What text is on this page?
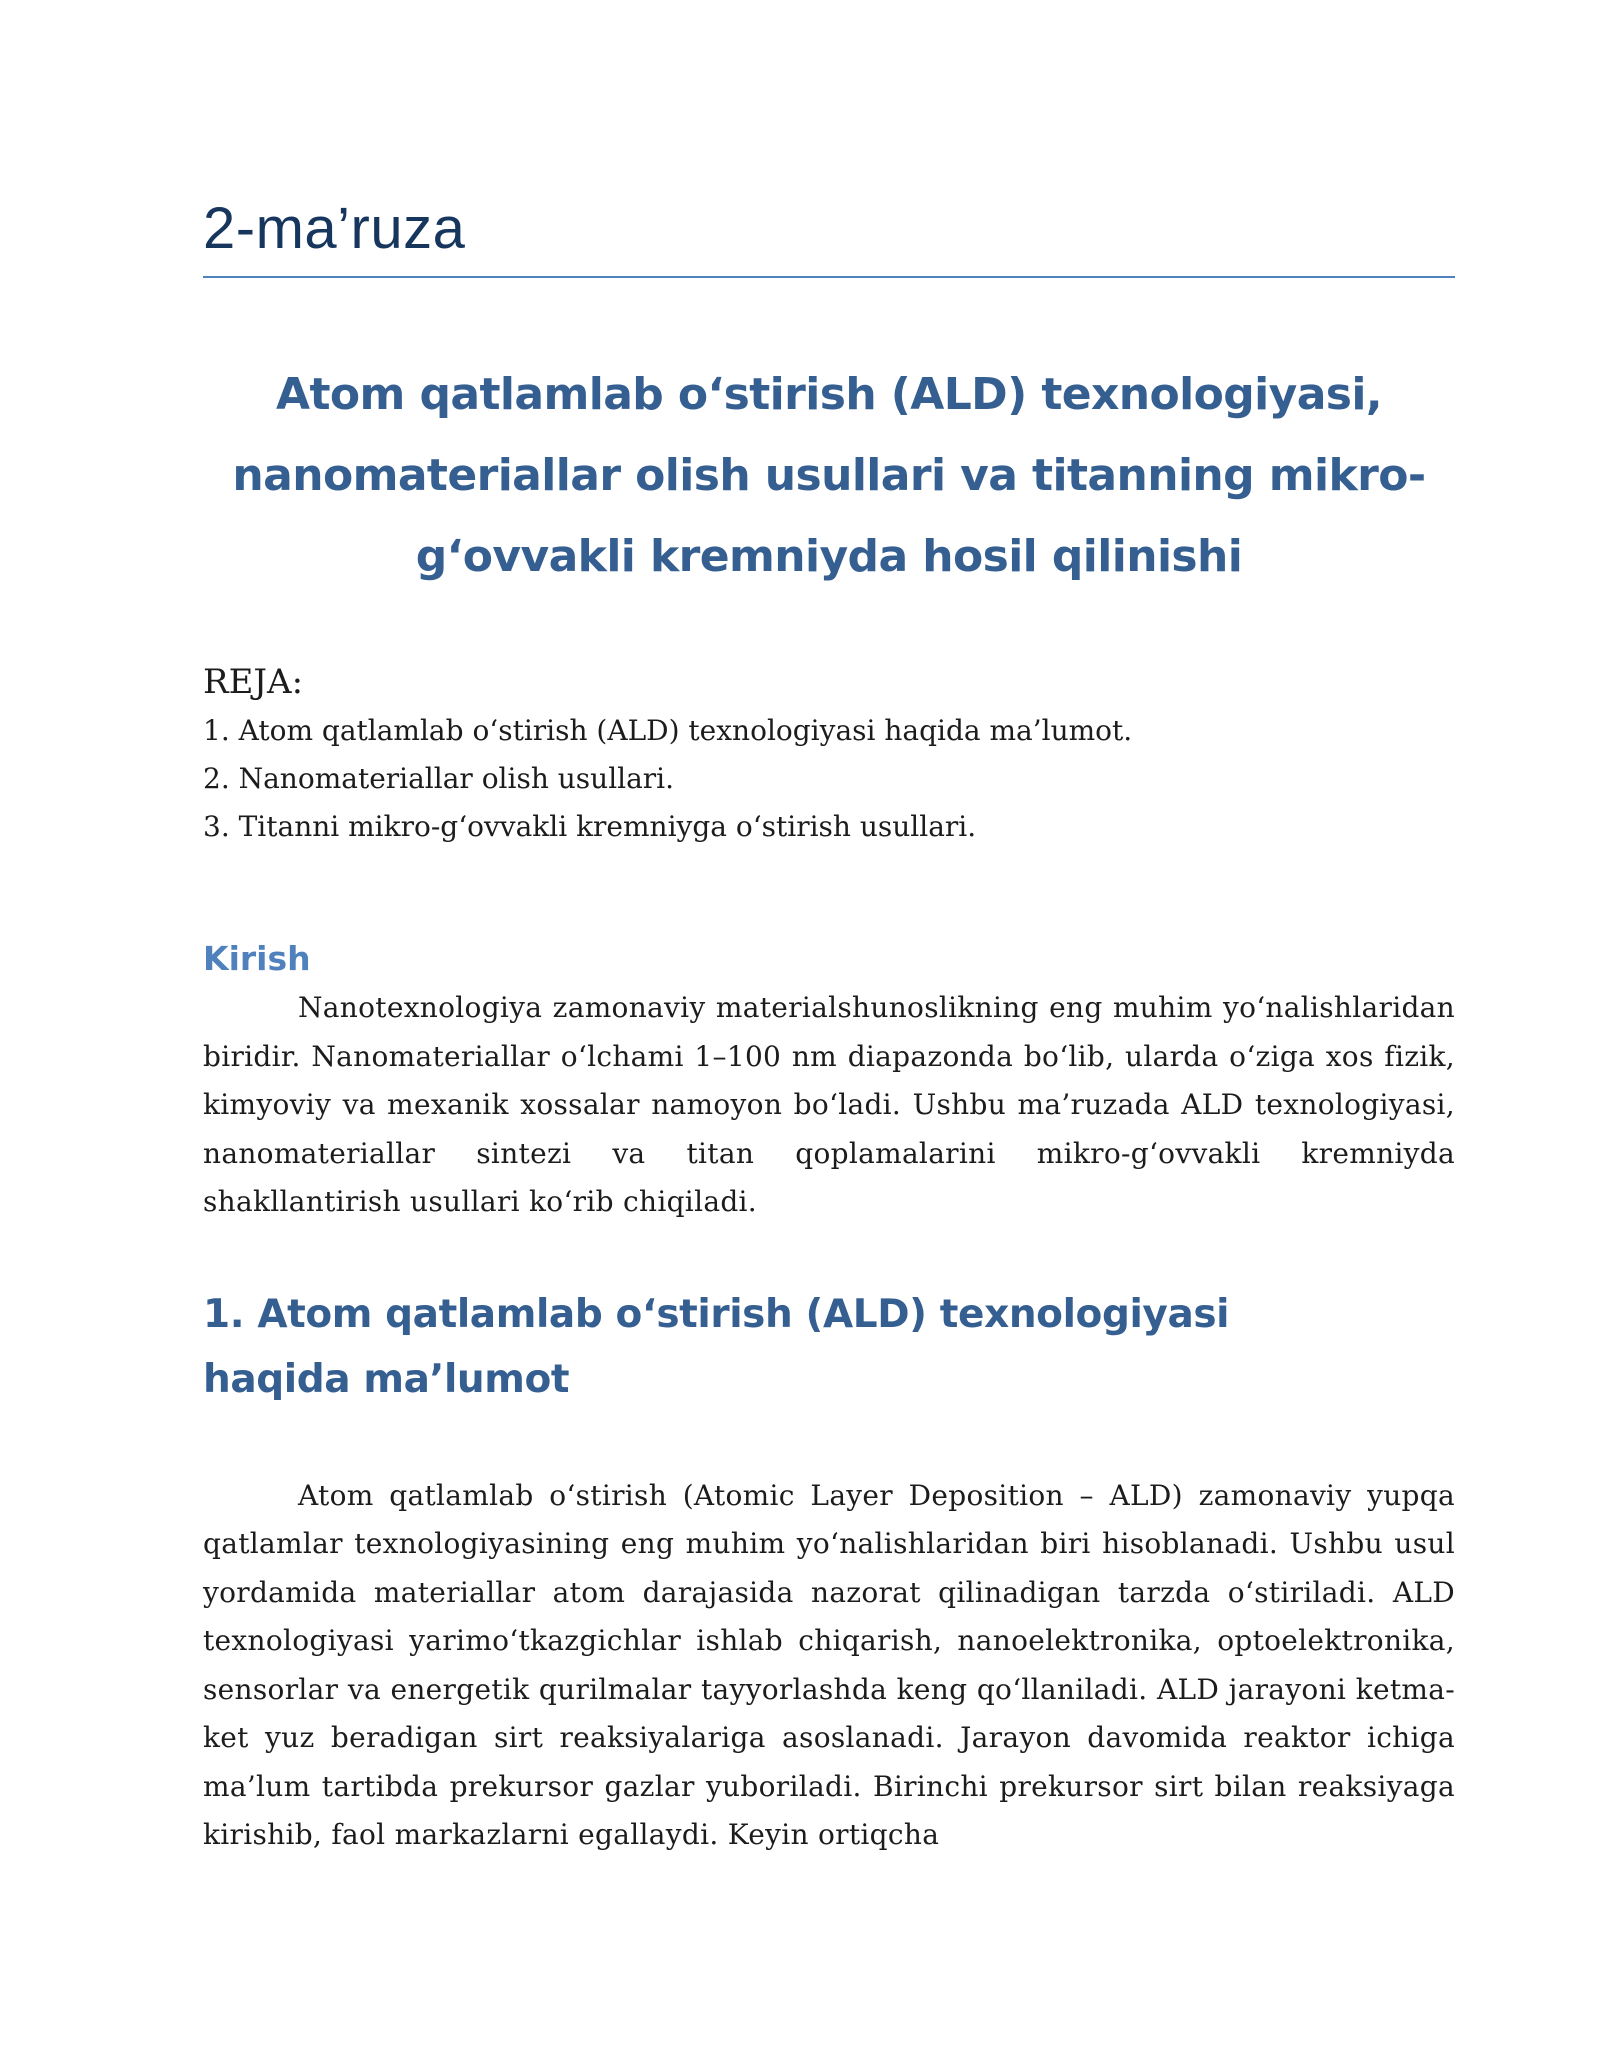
2-ma’ruza
Atom qatlamlab o‘stirish (ALD) texnologiyasi, nanomateriallar olish usullari va titanning mikro-g‘ovvakli kremniyda hosil qilinishi

REJA:

1. Atom qatlamlab o‘stirish (ALD) texnologiyasi haqida ma’lumot.
2. Nanomateriallar olish usullari.
3. Titanni mikro-g‘ovvakli kremniyga o‘stirish usullari.
Kirish

Nanotexnologiya zamonaviy materialshunoslikning eng muhim yo‘nalishlaridan biridir. Nanomateriallar o‘lchami 1–100 nm diapazonda bo‘lib, ularda o‘ziga xos fizik, kimyoviy va mexanik xossalar namoyon bo‘ladi. Ushbu ma’ruzada ALD texnologiyasi, nanomateriallar sintezi va titan qoplamalarini mikro-g‘ovvakli kremniyda shakllantirish usullari ko‘rib chiqiladi.

1. Atom qatlamlab o‘stirish (ALD) texnologiyasi haqida ma’lumot

Atom qatlamlab o‘stirish (Atomic Layer Deposition – ALD) zamonaviy yupqa qatlamlar texnologiyasining eng muhim yo‘nalishlaridan biri hisoblanadi. Ushbu usul yordamida materiallar atom darajasida nazorat qilinadigan tarzda o‘stiriladi. ALD texnologiyasi yarimo‘tkazgichlar ishlab chiqarish, nanoelektronika, optoelektronika, sensorlar va energetik qurilmalar tayyorlashda keng qo‘llaniladi. ALD jarayoni ketma-ket yuz beradigan sirt reaksiyalariga asoslanadi. Jarayon davomida reaktor ichiga ma’lum tartibda prekursor gazlar yuboriladi. Birinchi prekursor sirt bilan reaksiyaga kirishib, faol markazlarni egallaydi. Keyin ortiqcha
